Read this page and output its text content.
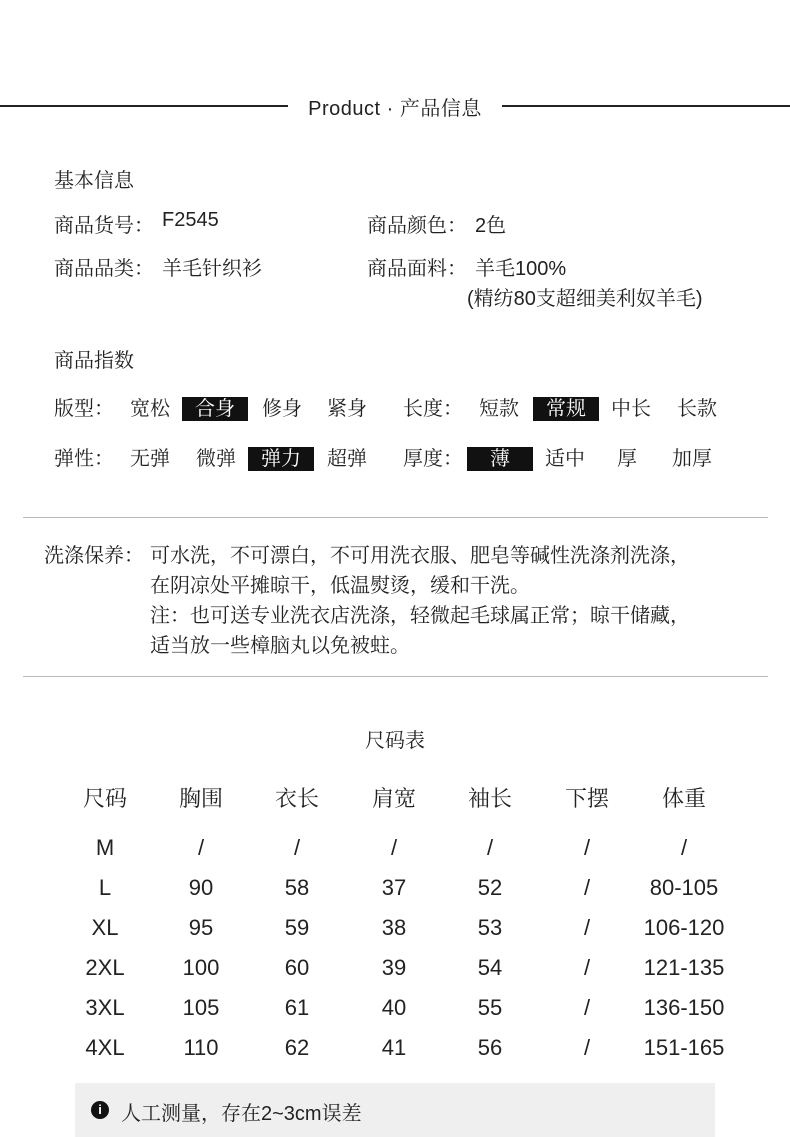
Product · 产品信息
基本信息
商品货号： F2545	商品颜色： 2色
商品品类： 羊毛针织衫	商品面料： 羊毛100%
(精纺80支超细美利奴羊毛)
商品指数
版型： 宽松	合身	修身 紧身 长度： 短款	常规	中长 长款
弹性： 无弹 微弹	弹力	超弹 厚度：	薄	适中 厚 加厚
洗涤保养： 可水洗，不可漂白，不可用洗衣服、肥皂等碱性洗涤剂洗涤，
在阴凉处平摊晾干，低温熨烫，缓和干洗。
注：也可送专业洗衣店洗涤，轻微起毛球属正常；晾干储藏，
适当放一些樟脑丸以免被蛀。
尺码表
尺码	胸围	衣长	肩宽	袖长	下摆	体重
M	/	/	/	/	/	/
L	90	58	37	52	/	80-105
XL	95	59	38	53	/	106-120
2XL	100	60	39	54	/	121-135
3XL	105	61	40	55	/	136-150
4XL	110	62	41	56	/	151-165
i 人工测量，存在2~3cm误差
